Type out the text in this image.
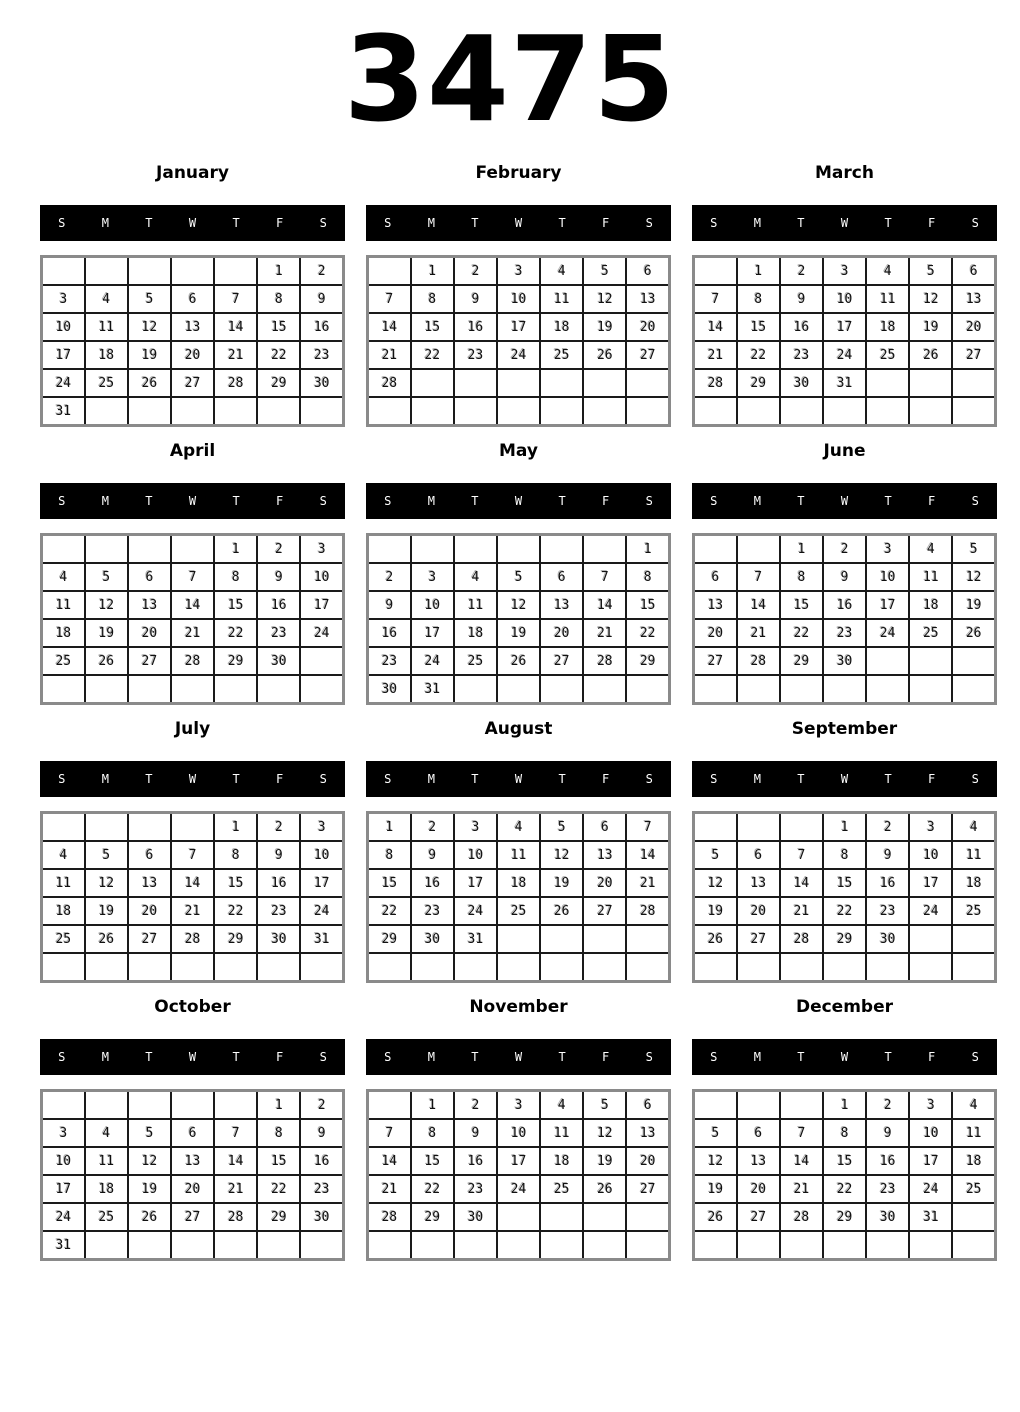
3475
January
S	M	T	W	T	F	S
					1	2
3	4	5	6	7	8	9
10	11	12	13	14	15	16
17	18	19	20	21	22	23
24	25	26	27	28	29	30
31						
February
S	M	T	W	T	F	S
	1	2	3	4	5	6
7	8	9	10	11	12	13
14	15	16	17	18	19	20
21	22	23	24	25	26	27
28						

March
S	M	T	W	T	F	S
	1	2	3	4	5	6
7	8	9	10	11	12	13
14	15	16	17	18	19	20
21	22	23	24	25	26	27
28	29	30	31			

April
S	M	T	W	T	F	S
				1	2	3
4	5	6	7	8	9	10
11	12	13	14	15	16	17
18	19	20	21	22	23	24
25	26	27	28	29	30	

May
S	M	T	W	T	F	S
						1
2	3	4	5	6	7	8
9	10	11	12	13	14	15
16	17	18	19	20	21	22
23	24	25	26	27	28	29
30	31					
June
S	M	T	W	T	F	S
		1	2	3	4	5
6	7	8	9	10	11	12
13	14	15	16	17	18	19
20	21	22	23	24	25	26
27	28	29	30			

July
S	M	T	W	T	F	S
				1	2	3
4	5	6	7	8	9	10
11	12	13	14	15	16	17
18	19	20	21	22	23	24
25	26	27	28	29	30	31

August
S	M	T	W	T	F	S
1	2	3	4	5	6	7
8	9	10	11	12	13	14
15	16	17	18	19	20	21
22	23	24	25	26	27	28
29	30	31				

September
S	M	T	W	T	F	S
			1	2	3	4
5	6	7	8	9	10	11
12	13	14	15	16	17	18
19	20	21	22	23	24	25
26	27	28	29	30		

October
S	M	T	W	T	F	S
					1	2
3	4	5	6	7	8	9
10	11	12	13	14	15	16
17	18	19	20	21	22	23
24	25	26	27	28	29	30
31						
November
S	M	T	W	T	F	S
	1	2	3	4	5	6
7	8	9	10	11	12	13
14	15	16	17	18	19	20
21	22	23	24	25	26	27
28	29	30				

December
S	M	T	W	T	F	S
			1	2	3	4
5	6	7	8	9	10	11
12	13	14	15	16	17	18
19	20	21	22	23	24	25
26	27	28	29	30	31	
